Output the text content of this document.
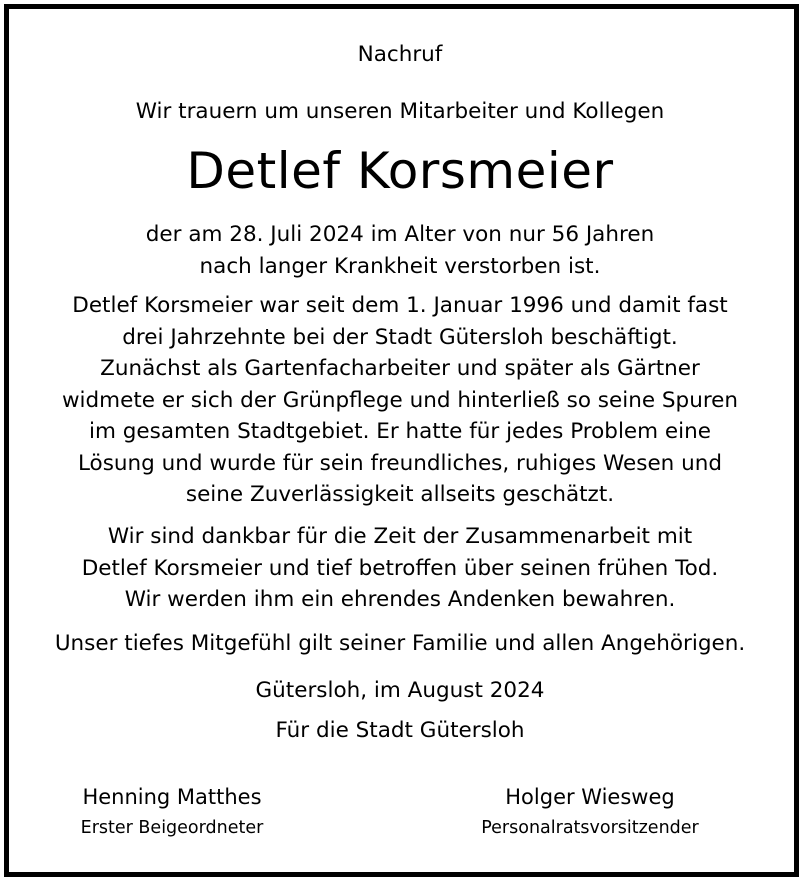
Nachruf
Wir trauern um unseren Mitarbeiter und Kollegen
Detlef Korsmeier
der am 28. Juli 2024 im Alter von nur 56 Jahren
nach langer Krankheit verstorben ist.
Detlef Korsmeier war seit dem 1. Januar 1996 und damit fast
drei Jahrzehnte bei der Stadt Gütersloh beschäftigt.
Zunächst als Gartenfacharbeiter und später als Gärtner
widmete er sich der Grünpflege und hinterließ so seine Spuren
im gesamten Stadtgebiet. Er hatte für jedes Problem eine
Lösung und wurde für sein freundliches, ruhiges Wesen und
seine Zuverlässigkeit allseits geschätzt.
Wir sind dankbar für die Zeit der Zusammenarbeit mit
Detlef Korsmeier und tief betroffen über seinen frühen Tod.
Wir werden ihm ein ehrendes Andenken bewahren.
Unser tiefes Mitgefühl gilt seiner Familie und allen Angehörigen.
Gütersloh, im August 2024
Für die Stadt Gütersloh
Henning Matthes
Erster Beigeordneter
Holger Wiesweg
Personalratsvorsitzender
